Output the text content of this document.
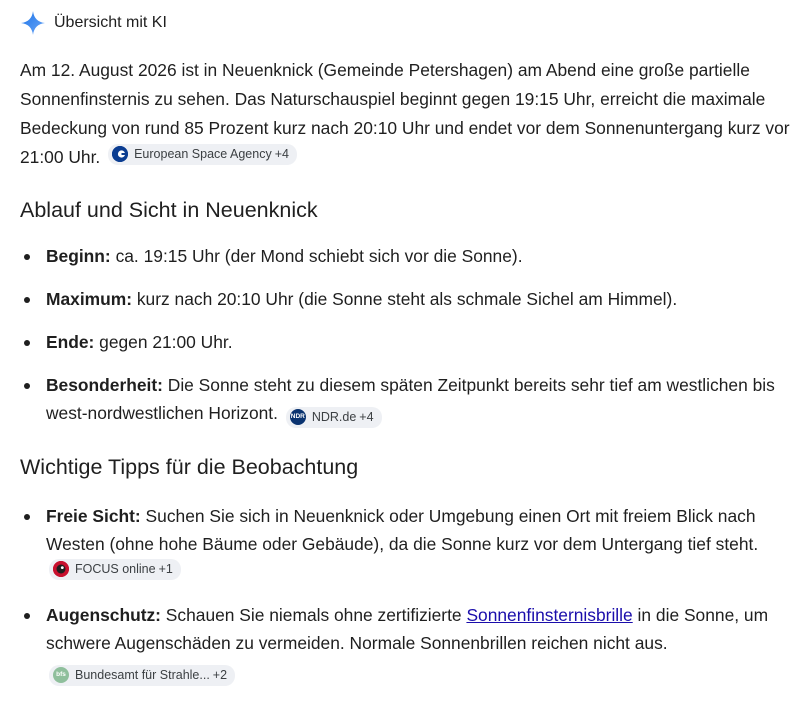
Übersicht mit KI
Am 12. August 2026 ist in Neuenknick (Gemeinde Petershagen) am Abend eine große partielle Sonnenfinsternis zu sehen. Das Naturschauspiel beginnt gegen 19:15 Uhr, erreicht die maximale Bedeckung von rund 85 Prozent kurz nach 20:10 Uhr und endet vor dem Sonnenuntergang kurz vor 21:00 Uhr.	European Space Agency +4
Ablauf und Sicht in Neuenknick
Beginn: ca. 19:15 Uhr (der Mond schiebt sich vor die Sonne).
Maximum: kurz nach 20:10 Uhr (die Sonne steht als schmale Sichel am Himmel).
Ende: gegen 21:00 Uhr.
Besonderheit: Die Sonne steht zu diesem späten Zeitpunkt bereits sehr tief am westlichen bis west-nordwestlichen Horizont. NDR NDR.de +4
Wichtige Tipps für die Beobachtung
Freie Sicht: Suchen Sie sich in Neuenknick oder Umgebung einen Ort mit freiem Blick nach Westen (ohne hohe Bäume oder Gebäude), da die Sonne kurz vor dem Untergang tief steht.
FOCUS online +1
Augenschutz: Schauen Sie niemals ohne zertifizierte Sonnenfinsternisbrille in die Sonne, um schwere Augenschäden zu vermeiden. Normale Sonnenbrillen reichen nicht aus.
bfs Bundesamt für Strahle... +2
